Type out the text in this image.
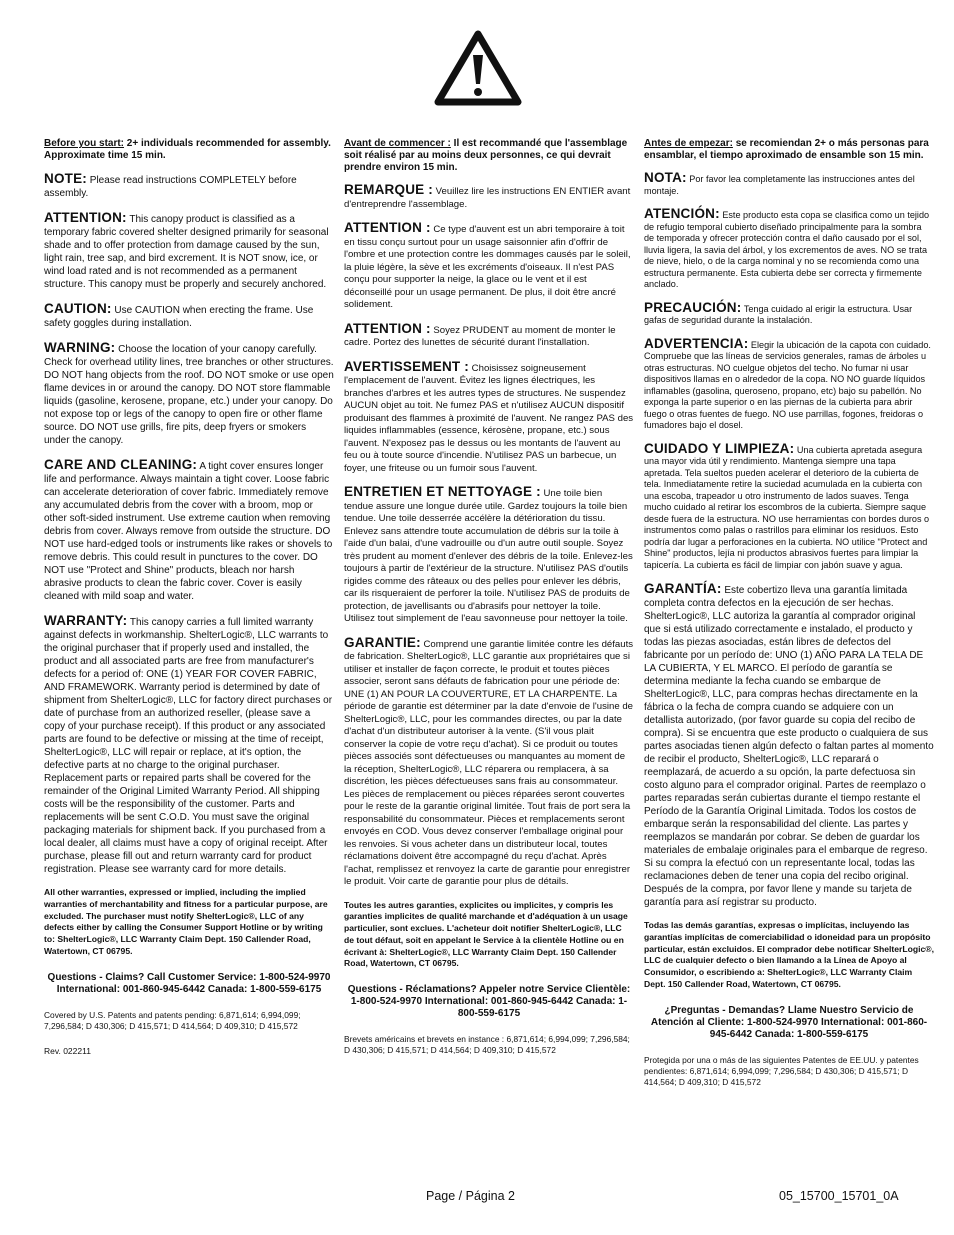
Before you start: 2+ individuals recommended for assembly. Approximate time 15 min.

NOTE: Please read instructions COMPLETELY before assembly.

ATTENTION: This canopy product is classified as a temporary fabric covered shelter designed primarily for seasonal shade and to offer protection from damage caused by the sun, light rain, tree sap, and bird excrement. It is NOT snow, ice, or wind load rated and is not recommended as a permanent structure. This canopy must be properly and securely anchored.

CAUTION: Use CAUTION when erecting the frame. Use safety goggles during installation.

WARNING: Choose the location of your canopy carefully. Check for overhead utility lines, tree branches or other structures. DO NOT hang objects from the roof. DO NOT smoke or use open flame devices in or around the canopy. DO NOT store flammable liquids (gasoline, kerosene, propane, etc.) under your canopy. Do not expose top or legs of the canopy to open fire or other flame source. DO NOT use grills, fire pits, deep fryers or smokers under the canopy.

CARE AND CLEANING: A tight cover ensures longer life and performance. Always maintain a tight cover. Loose fabric can accelerate deterioration of cover fabric. Immediately remove any accumulated debris from the cover with a broom, mop or other soft-sided instrument. Use extreme caution when removing debris from cover. Always remove from outside the structure. DO NOT use hard-edged tools or instruments like rakes or shovels to remove debris. This could result in punctures to the cover. DO NOT use "Protect and Shine" products, bleach nor harsh abrasive products to clean the fabric cover. Cover is easily cleaned with mild soap and water.

WARRANTY: This canopy carries a full limited warranty against defects in workmanship. ShelterLogic®, LLC warrants to the original purchaser that if properly used and installed, the product and all associated parts are free from manufacturer's defects for a period of: ONE (1) YEAR FOR COVER FABRIC, AND FRAMEWORK. Warranty period is determined by date of shipment from ShelterLogic®, LLC for factory direct purchases or date of purchase from an authorized reseller, (please save a copy of your purchase receipt). If this product or any associated parts are found to be defective or missing at the time of receipt, ShelterLogic®, LLC will repair or replace, at it's option, the defective parts at no charge to the original purchaser. Replacement parts or repaired parts shall be covered for the remainder of the Original Limited Warranty Period. All shipping costs will be the responsibility of the customer. Parts and replacements will be sent C.O.D. You must save the original packaging materials for shipment back. If you purchased from a local dealer, all claims must have a copy of original receipt. After purchase, please fill out and return warranty card for product registration. Please see warranty card for more details.

All other warranties, expressed or implied, including the implied warranties of merchantability and fitness for a particular purpose, are excluded. The purchaser must notify ShelterLogic®, LLC of any defects either by calling the Consumer Support Hotline or by writing to: ShelterLogic®, LLC Warranty Claim Dept. 150 Callender Road, Watertown, CT 06795.

Questions - Claims? Call Customer Service: 1-800-524-9970 International: 001-860-945-6442 Canada: 1-800-559-6175

Covered by U.S. Patents and patents pending: 6,871,614; 6,994,099; 7,296,584; D 430,306; D 415,571; D 414,564; D 409,310; D 415,572

Rev. 022211

Avant de commencer : Il est recommandé que l'assemblage soit réalisé par au moins deux personnes, ce qui devrait prendre environ 15 min.

REMARQUE : Veuillez lire les instructions EN ENTIER avant d'entreprendre l'assemblage.

ATTENTION : Ce type d'auvent est un abri temporaire à toit en tissu conçu surtout pour un usage saisonnier afin d'offrir de l'ombre et une protection contre les dommages causés par le soleil, la pluie légère, la sève et les excréments d'oiseaux. Il n'est PAS conçu pour supporter la neige, la glace ou le vent et il est déconseillé pour un usage permanent. De plus, il doit être ancré solidement.

ATTENTION : Soyez PRUDENT au moment de monter le cadre. Portez des lunettes de sécurité durant l'installation.

AVERTISSEMENT : Choisissez soigneusement l'emplacement de l'auvent. Évitez les lignes électriques, les branches d'arbres et les autres types de structures. Ne suspendez AUCUN objet au toit. Ne fumez PAS et n'utilisez AUCUN dispositif produisant des flammes à proximité de l'auvent. Ne rangez PAS des liquides inflammables (essence, kérosène, propane, etc.) sous l'auvent. N'exposez pas le dessus ou les montants de l'auvent au feu ou à toute source d'incendie. N'utilisez PAS un barbecue, un foyer, une friteuse ou un fumoir sous l'auvent.

ENTRETIEN ET NETTOYAGE : Une toile bien tendue assure une longue durée utile. Gardez toujours la toile bien tendue. Une toile desserrée accélère la détérioration du tissu. Enlevez sans attendre toute accumulation de débris sur la toile à l'aide d'un balai, d'une vadrouille ou d'un autre outil souple. Soyez très prudent au moment d'enlever des débris de la toile. Enlevez-les toujours à partir de l'extérieur de la structure. N'utilisez PAS d'outils rigides comme des râteaux ou des pelles pour enlever les débris, car ils risqueraient de perforer la toile. N'utilisez PAS de produits de protection, de javellisants ou d'abrasifs pour nettoyer la toile. Utilisez tout simplement de l'eau savonneuse pour nettoyer la toile.

GARANTIE: Comprend une garantie limitée contre les défauts de fabrication. ShelterLogic®, LLC garantie aux propriétaires que si utiliser et installer de façon correcte, le produit et toutes pièces associer, seront sans défauts de fabrication pour une période de: UNE (1) AN POUR LA COUVERTURE, ET LA CHARPENTE. La période de garantie est déterminer par la date d'envoie de l'usine de ShelterLogic®, LLC, pour les commandes directes, ou par la date d'achat d'un distributeur autoriser à la vente. (S'il vous plait conserver la copie de votre reçu d'achat). Si ce produit ou toutes pièces associés sont défectueuses ou manquantes au moment de la réception, ShelterLogic®, LLC réparera ou remplacera, à sa discrétion, les pièces défectueuses sans frais au consommateur. Les pièces de remplacement ou pièces réparées seront couvertes pour le reste de la garantie original limitée. Tout frais de port sera la responsabilité du consommateur. Pièces et remplacements seront envoyés en COD. Vous devez conserver l'emballage original pour les renvoies. Si vous acheter dans un distributeur local, toutes réclamations doivent être accompagné du reçu d'achat. Après l'achat, remplissez et renvoyez la carte de garantie pour enregistrer le produit. Voir carte de garantie pour plus de détails.

Toutes les autres garanties, explicites ou implicites, y compris les garanties implicites de qualité marchande et d'adéquation à un usage particulier, sont exclues. L'acheteur doit notifier ShelterLogic®, LLC de tout défaut, soit en appelant le Service à la clientèle Hotline ou en écrivant à: ShelterLogic®, LLC Warranty Claim Dept. 150 Callender Road, Watertown, CT 06795.

Questions - Réclamations? Appeler notre Service Clientèle: 1-800-524-9970 International: 001-860-945-6442 Canada: 1-800-559-6175

Brevets américains et brevets en instance : 6,871,614; 6,994,099; 7,296,584; D 430,306; D 415,571; D 414,564; D 409,310; D 415,572

Antes de empezar: se recomiendan 2+ o más personas para ensamblar, el tiempo aproximado de ensamble son 15 min.

NOTA: Por favor lea completamente las instrucciones antes del montaje.

ATENCIÓN: Este producto esta copa se clasifica como un tejido de refugio temporal cubierto diseñado principalmente para la sombra de temporada y ofrecer protección contra el daño causado por el sol, lluvia ligera, la savia del árbol, y los excrementos de aves. NO se trata de nieve, hielo, o de la carga nominal y no se recomienda como una estructura permanente. Esta cubierta debe ser correcta y firmemente anclado.

PRECAUCIÓN: Tenga cuidado al erigir la estructura. Usar gafas de seguridad durante la instalación.

ADVERTENCIA: Elegir la ubicación de la capota con cuidado. Compruebe que las líneas de servicios generales, ramas de árboles u otras estructuras. NO cuelgue objetos del techo. No fumar ni usar dispositivos llamas en o alrededor de la copa. NO NO guarde líquidos inflamables (gasolina, queroseno, propano, etc) bajo su pabellón. No exponga la parte superior o en las piernas de la cubierta para abrir fuego o otras fuentes de fuego. NO use parrillas, fogones, freidoras o fumadores bajo el dosel.

CUIDADO Y LIMPIEZA: Una cubierta apretada asegura una mayor vida útil y rendimiento. Mantenga siempre una tapa apretada. Tela sueltos pueden acelerar el deterioro de la cubierta de tela. Inmediatamente retire la suciedad acumulada en la cubierta con una escoba, trapeador u otro instrumento de lados suaves. Tenga mucho cuidado al retirar los escombros de la cubierta. Siempre saque desde fuera de la estructura. NO use herramientas con bordes duros o instrumentos como palas o rastrillos para eliminar los residuos. Esto podría dar lugar a perforaciones en la cubierta. NO utilice "Protect and Shine" productos, lejía ni productos abrasivos fuertes para limpiar la tapicería. La cubierta es fácil de limpiar con jabón suave y agua.

GARANTÍA: Este cobertizo lleva una garantía limitada completa contra defectos en la ejecución de ser hechas. ShelterLogic®, LLC autoriza la garantía al comprador original que si está utilizado correctamente e instalado, el producto y todas las piezas asociadas, están libres de defectos del fabricante por un período de: UNO (1) AÑO PARA LA TELA DE LA CUBIERTA, Y EL MARCO. El período de garantía se determina mediante la fecha cuando se embarque de ShelterLogic®, LLC, para compras hechas directamente en la fábrica o la fecha de compra cuando se adquiere con un detallista autorizado, (por favor guarde su copia del recibo de compra). Si se encuentra que este producto o cualquiera de sus partes asociadas tienen algún defecto o faltan partes al momento de recibir el producto, ShelterLogic®, LLC reparará o reemplazará, de acuerdo a su opción, la parte defectuosa sin costo alguno para el comprador original. Partes de reemplazo o partes reparadas serán cubiertas durante el tiempo restante el Período de la Garantía Original Limitada. Todos los costos de embarque serán la responsabilidad del cliente. Las partes y reemplazos se mandarán por cobrar. Se deben de guardar los materiales de embalaje originales para el embarque de regreso. Si su compra la efectuó con un representante local, todas las reclamaciones deben de tener una copia del recibo original. Después de la compra, por favor llene y mande su tarjeta de garantía para así registrar su producto.

Todas las demás garantías, expresas o implícitas, incluyendo las garantías implícitas de comerciabilidad o idoneidad para un propósito particular, están excluidos. El comprador debe notificar ShelterLogic®, LLC de cualquier defecto o bien llamando a la Línea de Apoyo al Consumidor, o escribiendo a: ShelterLogic®, LLC Warranty Claim Dept. 150 Callender Road, Watertown, CT 06795.

¿Preguntas - Demandas? Llame Nuestro Servicio de Atención al Cliente: 1-800-524-9970 International: 001-860-945-6442 Canada: 1-800-559-6175

Protegida por una o más de las siguientes Patentes de EE.UU. y patentes pendientes: 6,871,614; 6,994,099; 7,296,584; D 430,306; D 415,571; D 414,564; D 409,310; D 415,572

Page / Página 2	05_15700_15701_0A
